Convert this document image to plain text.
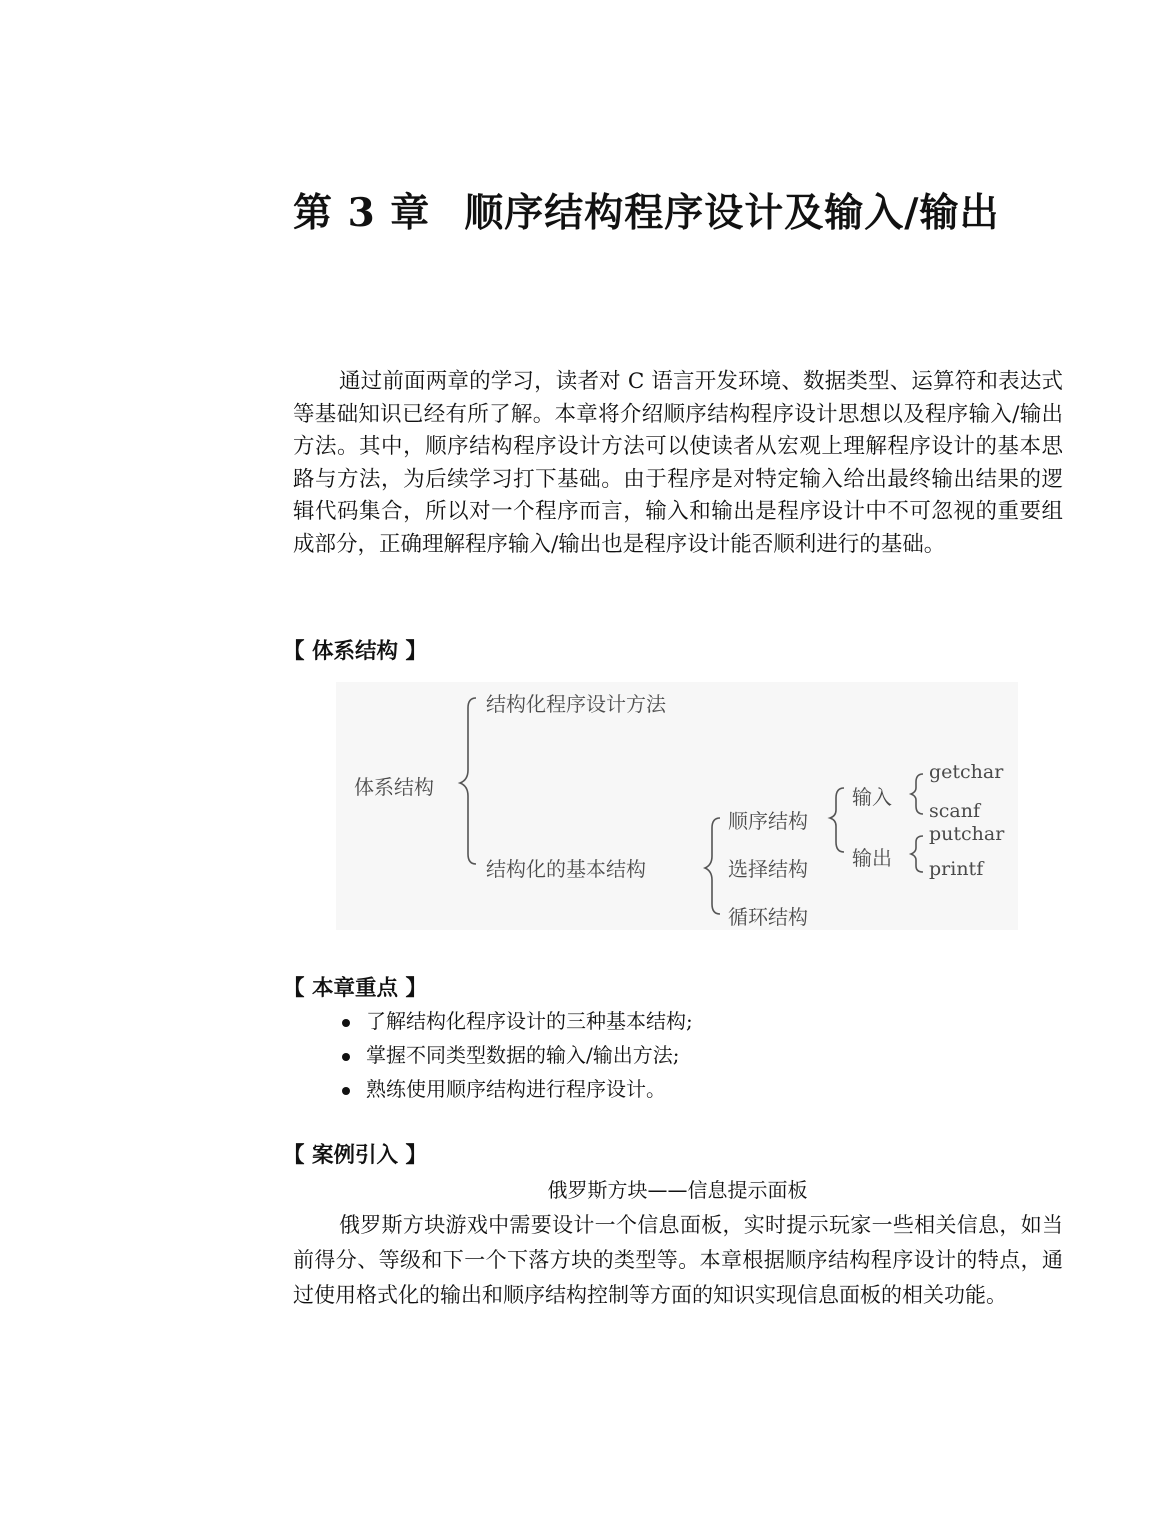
第 3 章 顺序结构程序设计及输入/输出

通过前面两章的学习，读者对 C 语言开发环境、数据类型、运算符和表达式等基础知识已经有所了解。本章将介绍顺序结构程序设计思想以及程序输入/输出方法。其中，顺序结构程序设计方法可以使读者从宏观上理解程序设计的基本思路与方法，为后续学习打下基础。由于程序是对特定输入给出最终输出结果的逻辑代码集合，所以对一个程序而言，输入和输出是程序设计中不可忽视的重要组成部分，正确理解程序输入/输出也是程序设计能否顺利进行的基础。

【 体系结构 】
体系结构
结构化程序设计方法
结构化的基本结构
顺序结构
选择结构
循环结构
输入
输出
getchar
scanf
putchar
printf
【 本章重点 】
了解结构化程序设计的三种基本结构;
掌握不同类型数据的输入/输出方法;
熟练使用顺序结构进行程序设计。
【 案例引入 】

俄罗斯方块——信息提示面板

俄罗斯方块游戏中需要设计一个信息面板，实时提示玩家一些相关信息，如当前得分、等级和下一个下落方块的类型等。本章根据顺序结构程序设计的特点，通过使用格式化的输出和顺序结构控制等方面的知识实现信息面板的相关功能。
